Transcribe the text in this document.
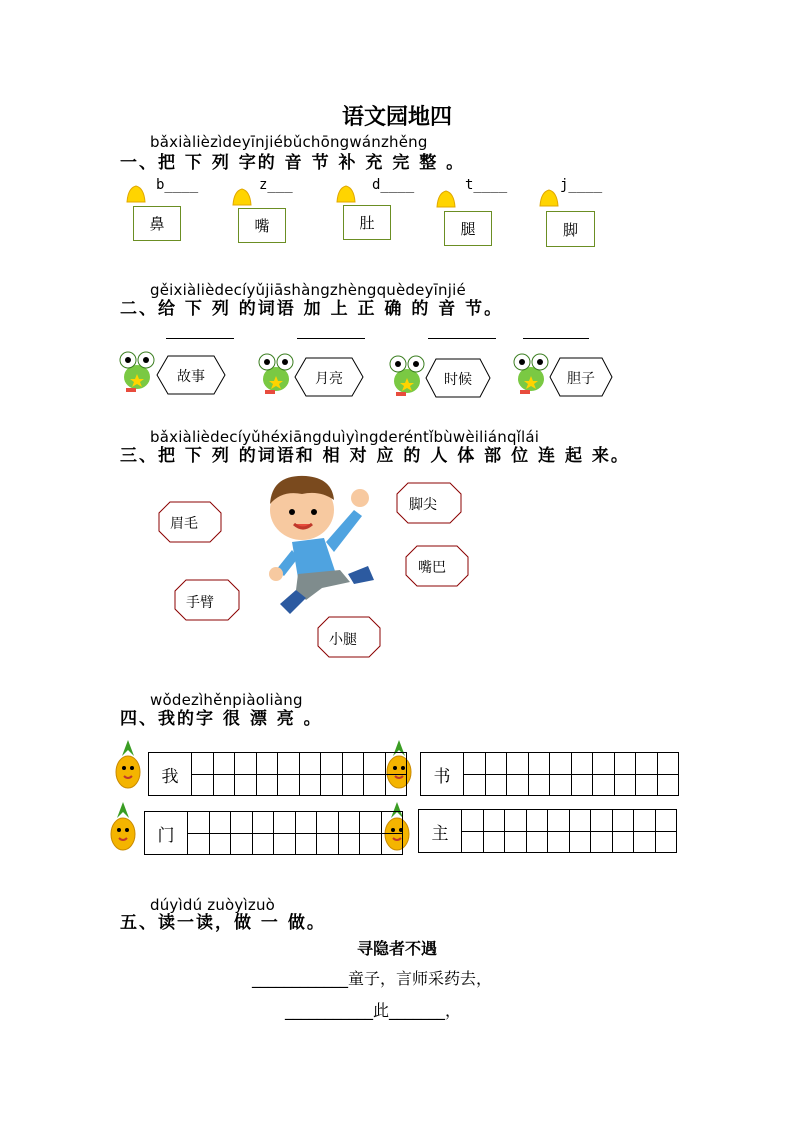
语文园地四
bǎxiàlièzìdeyīnjiébǔchōngwánzhěng
一、把 下 列 字的 音 节 补 充 完 整 。
b____
鼻
z___
嘴
d____
肚
t____
腿
j____
脚
gěixiàlièdecíyǔjiāshàngzhèngquèdeyīnjié
二、给 下 列 的词语 加 上 正 确 的 音 节。
故事	月亮	时候	胆子
bǎxiàlièdecíyǔhéxiāngduìyìngderéntǐbùwèiliánqǐlái
三、把 下 列 的词语和 相 对 应 的 人 体 部 位 连 起 来。
眉毛
手臂
脚尖
嘴巴
小腿
wǒdezìhěnpiàoliàng
四、我的字 很 漂 亮 。
我	书
门	主
dúyìdú zuòyìzuò
五、读一读，做 一 做。
寻隐者不遇
____________童子，言师采药去，
___________此_______，
